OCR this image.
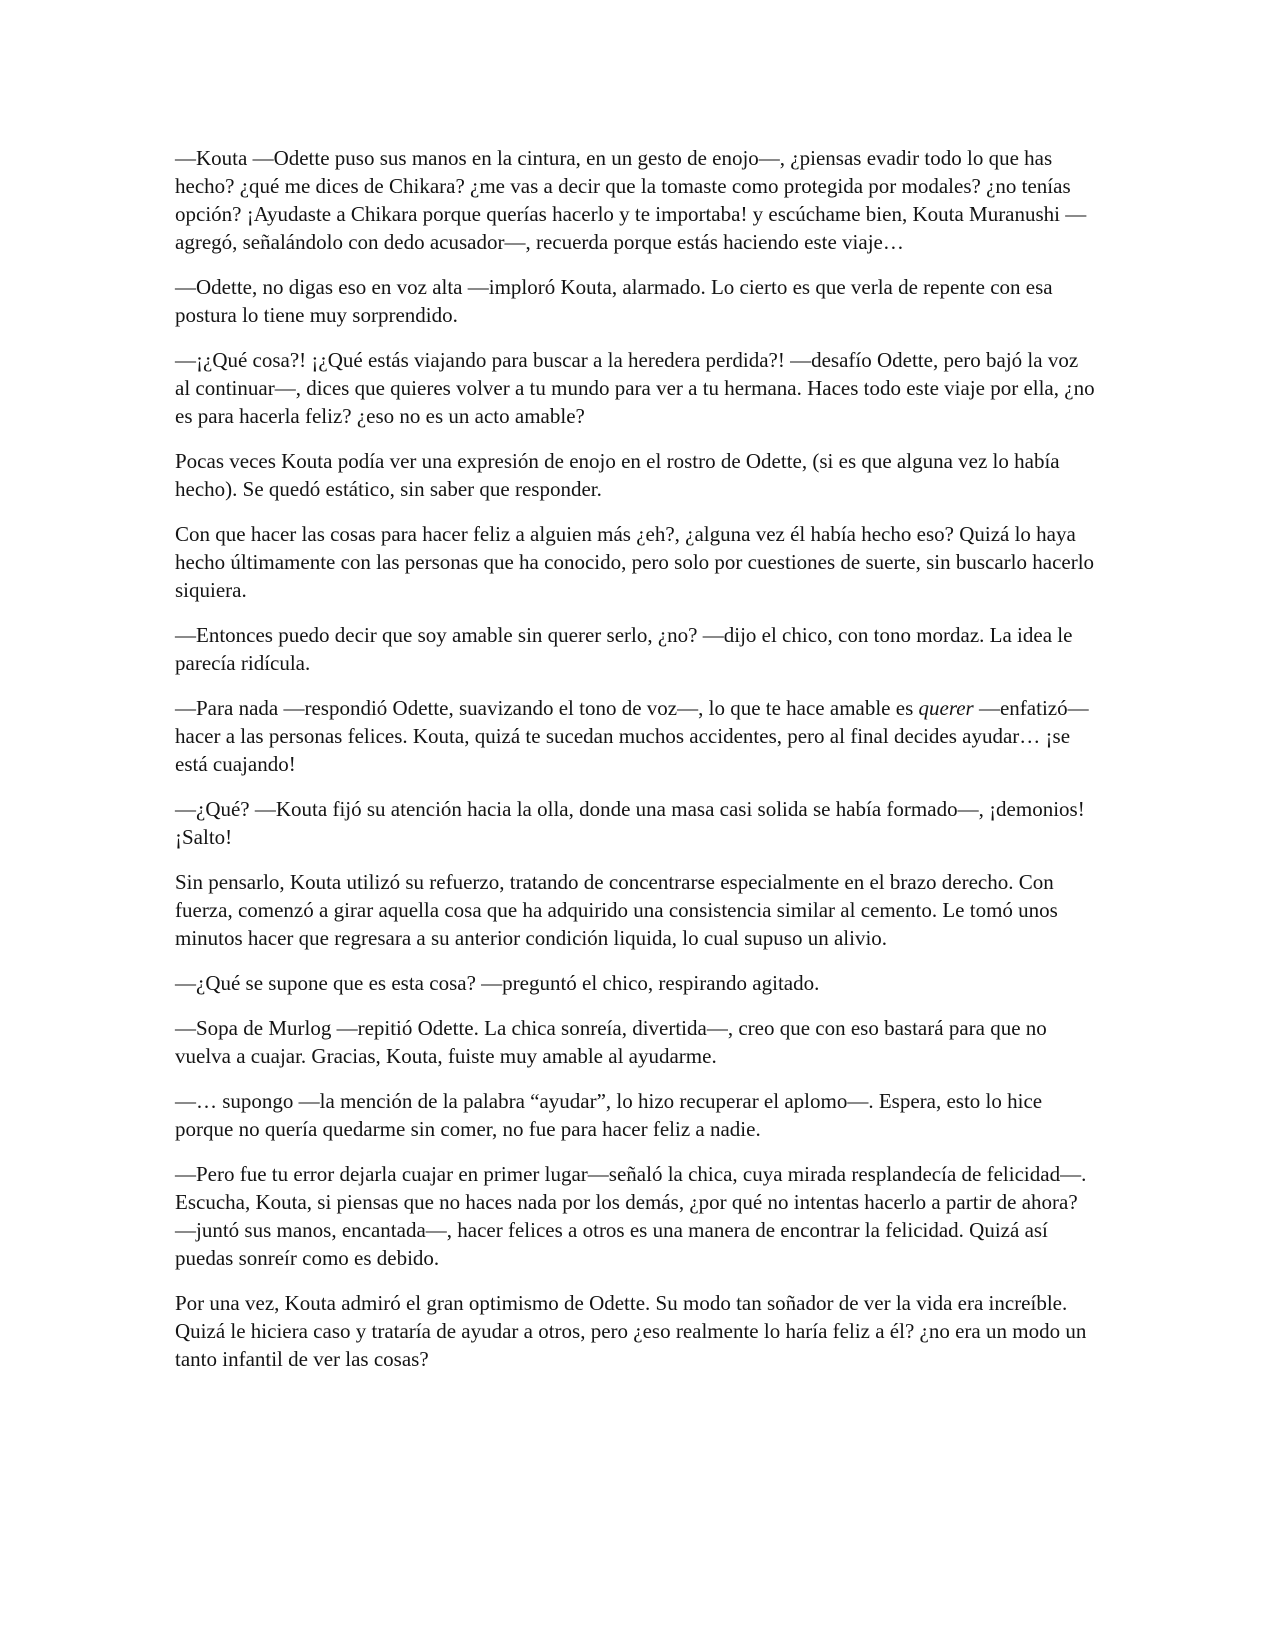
—Kouta —Odette puso sus manos en la cintura, en un gesto de enojo—, ¿piensas evadir todo lo que has hecho? ¿qué me dices de Chikara? ¿me vas a decir que la tomaste como protegida por modales? ¿no tenías opción? ¡Ayudaste a Chikara porque querías hacerlo y te importaba! y escúchame bien, Kouta Muranushi —agregó, señalándolo con dedo acusador—, recuerda porque estás haciendo este viaje…

—Odette, no digas eso en voz alta —imploró Kouta, alarmado. Lo cierto es que verla de repente con esa postura lo tiene muy sorprendido.

—¡¿Qué cosa?! ¡¿Qué estás viajando para buscar a la heredera perdida?! —desafío Odette, pero bajó la voz al continuar—, dices que quieres volver a tu mundo para ver a tu hermana. Haces todo este viaje por ella, ¿no es para hacerla feliz? ¿eso no es un acto amable?

Pocas veces Kouta podía ver una expresión de enojo en el rostro de Odette, (si es que alguna vez lo había hecho). Se quedó estático, sin saber que responder.

Con que hacer las cosas para hacer feliz a alguien más ¿eh?, ¿alguna vez él había hecho eso? Quizá lo haya hecho últimamente con las personas que ha conocido, pero solo por cuestiones de suerte, sin buscarlo hacerlo siquiera.

—Entonces puedo decir que soy amable sin querer serlo, ¿no? —dijo el chico, con tono mordaz. La idea le parecía ridícula.

—Para nada —respondió Odette, suavizando el tono de voz—, lo que te hace amable es querer —enfatizó— hacer a las personas felices. Kouta, quizá te sucedan muchos accidentes, pero al final decides ayudar… ¡se está cuajando!

—¿Qué? —Kouta fijó su atención hacia la olla, donde una masa casi solida se había formado—, ¡demonios! ¡Salto!

Sin pensarlo, Kouta utilizó su refuerzo, tratando de concentrarse especialmente en el brazo derecho. Con fuerza, comenzó a girar aquella cosa que ha adquirido una consistencia similar al cemento. Le tomó unos minutos hacer que regresara a su anterior condición liquida, lo cual supuso un alivio.

—¿Qué se supone que es esta cosa? —preguntó el chico, respirando agitado.

—Sopa de Murlog —repitió Odette. La chica sonreía, divertida—, creo que con eso bastará para que no vuelva a cuajar. Gracias, Kouta, fuiste muy amable al ayudarme.

—… supongo —la mención de la palabra “ayudar”, lo hizo recuperar el aplomo—. Espera, esto lo hice porque no quería quedarme sin comer, no fue para hacer feliz a nadie.

—Pero fue tu error dejarla cuajar en primer lugar—señaló la chica, cuya mirada resplandecía de felicidad—. Escucha, Kouta, si piensas que no haces nada por los demás, ¿por qué no intentas hacerlo a partir de ahora? —juntó sus manos, encantada—, hacer felices a otros es una manera de encontrar la felicidad. Quizá así puedas sonreír como es debido.

Por una vez, Kouta admiró el gran optimismo de Odette. Su modo tan soñador de ver la vida era increíble. Quizá le hiciera caso y trataría de ayudar a otros, pero ¿eso realmente lo haría feliz a él? ¿no era un modo un tanto infantil de ver las cosas?
